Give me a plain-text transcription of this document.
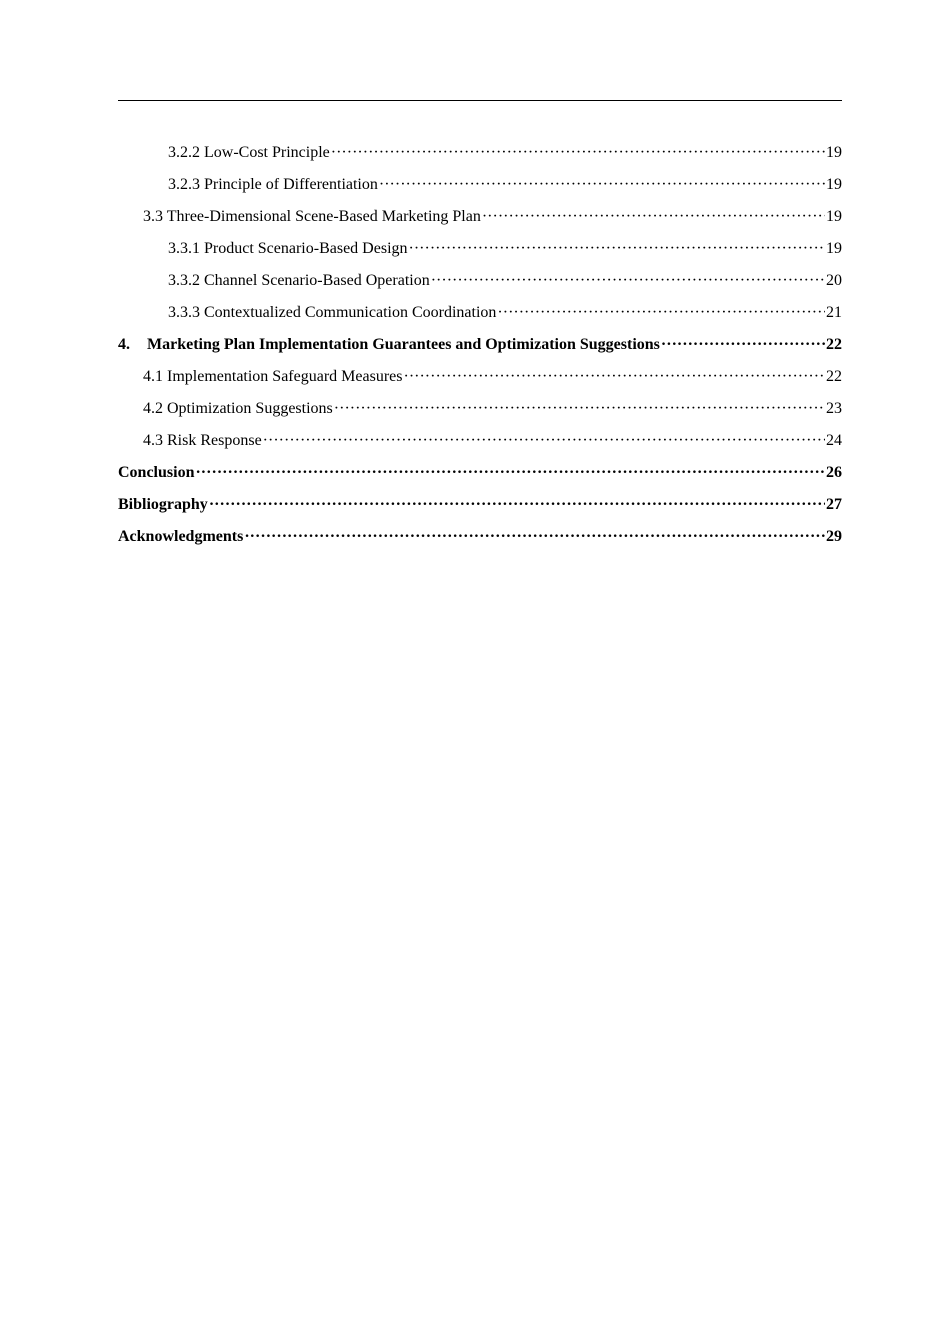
3.2.2 Low-Cost Principle ·····	19
3.2.3 Principle of Differentiation ·····	19
3.3 Three-Dimensional Scene-Based Marketing Plan ·····	19
3.3.1 Product Scenario-Based Design ·····	19
3.3.2 Channel Scenario-Based Operation ·····	20
3.3.3 Contextualized Communication Coordination ·····	21
4. Marketing Plan Implementation Guarantees and Optimization Suggestions ·····	22
4.1 Implementation Safeguard Measures ·····	22
4.2 Optimization Suggestions ·····	23
4.3 Risk Response ·····	24
Conclusion ·····	26
Bibliography ·····	27
Acknowledgments ·····	29
